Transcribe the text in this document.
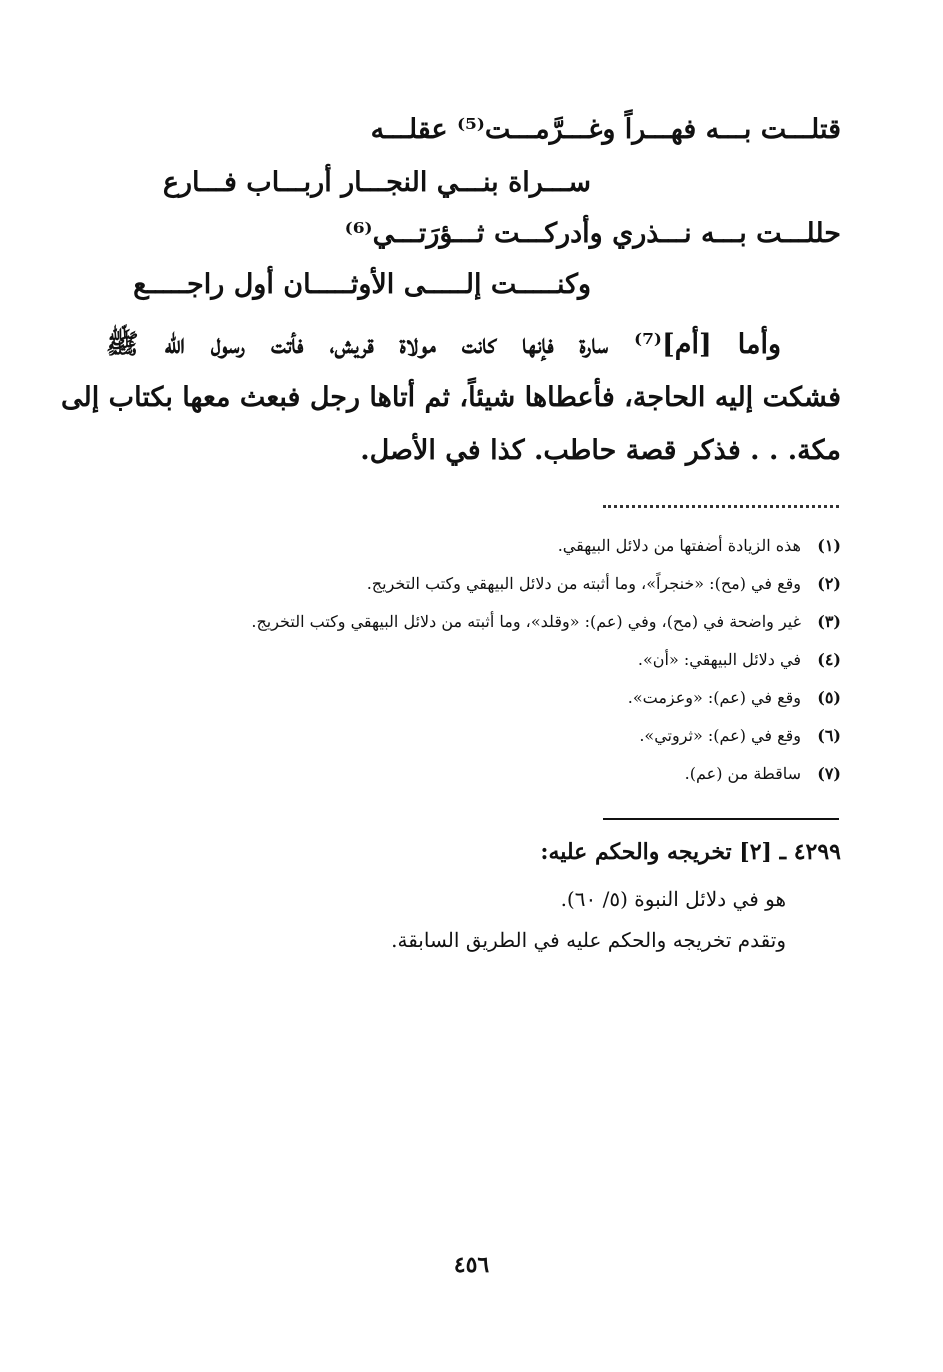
قتلـــت بـــه فهـــراً وغـــرَّمـــت⁽⁵⁾ عقلـــه
ســـراة بنـــي النجـــار أربـــاب فـــارع
حللـــت بـــه نـــذري وأدركـــت ثـــؤرَتـــي⁽⁶⁾
وكنـــــت إلـــــى الأوثـــــان أول راجـــــع
وأما [أم]⁽⁷⁾ سارة فإنها كانت مولاة قريش، فأتت رسول الله ﷺ
فشكت إليه الحاجة، فأعطاها شيئاً، ثم أتاها رجل فبعث معها بكتاب إلى
مكة. . . فذكر قصة حاطب. كذا في الأصل.
(١)هذه الزيادة أضفتها من دلائل البيهقي.
(٢)وقع في (مح): «خنجراً»، وما أثبته من دلائل البيهقي وكتب التخريج.
(٣)غير واضحة في (مح)، وفي (عم): «وقلد»، وما أثبته من دلائل البيهقي وكتب التخريج.
(٤)في دلائل البيهقي: «أن».
(٥)وقع في (عم): «وعزمت».
(٦)وقع في (عم): «ثروتي».
(٧)ساقطة من (عم).
٤٢٩٩ ـ [٢] تخريجه والحكم عليه:
هو في دلائل النبوة (٥/ ٦٠).
وتقدم تخريجه والحكم عليه في الطريق السابقة.
٤٥٦
